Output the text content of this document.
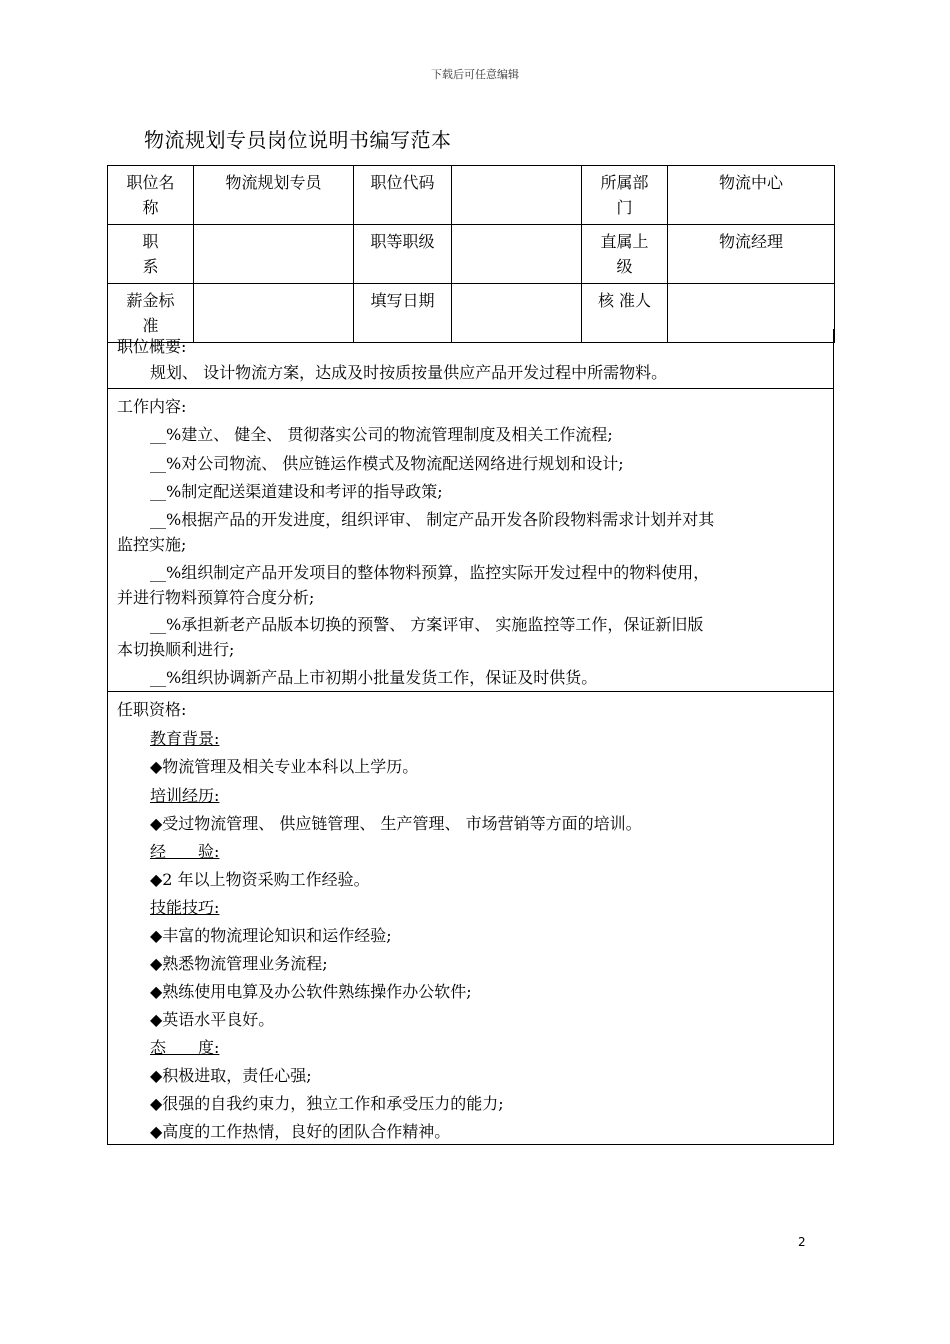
下载后可任意编辑
物流规划专员岗位说明书编写范本
职位名称	物流规划专员	职位代码		所属部门	物流中心
职 系		职等职级		直属上级	物流经理
薪金标准		填写日期		核 准人	
职位概要:
规划、 设计物流方案，达成及时按质按量供应产品开发过程中所需物料。
工作内容:
__%建立、 健全、 贯彻落实公司的物流管理制度及相关工作流程;
__%对公司物流、 供应链运作模式及物流配送网络进行规划和设计;
__%制定配送渠道建设和考评的指导政策;
__%根据产品的开发进度，组织评审、 制定产品开发各阶段物料需求计划并对其
监控实施;
__%组织制定产品开发项目的整体物料预算，监控实际开发过程中的物料使用，
并进行物料预算符合度分析;
__%承担新老产品版本切换的预警、 方案评审、 实施监控等工作，保证新旧版
本切换顺利进行;
__%组织协调新产品上市初期小批量发货工作，保证及时供货。
任职资格:
教育背景:
◆物流管理及相关专业本科以上学历。
培训经历:
◆受过物流管理、 供应链管理、 生产管理、 市场营销等方面的培训。
经　　验:
◆2 年以上物资采购工作经验。
技能技巧:
◆丰富的物流理论知识和运作经验;
◆熟悉物流管理业务流程;
◆熟练使用电算及办公软件熟练操作办公软件;
◆英语水平良好。
态　　度:
◆积极进取，责任心强;
◆很强的自我约束力，独立工作和承受压力的能力;
◆高度的工作热情，良好的团队合作精神。
2
